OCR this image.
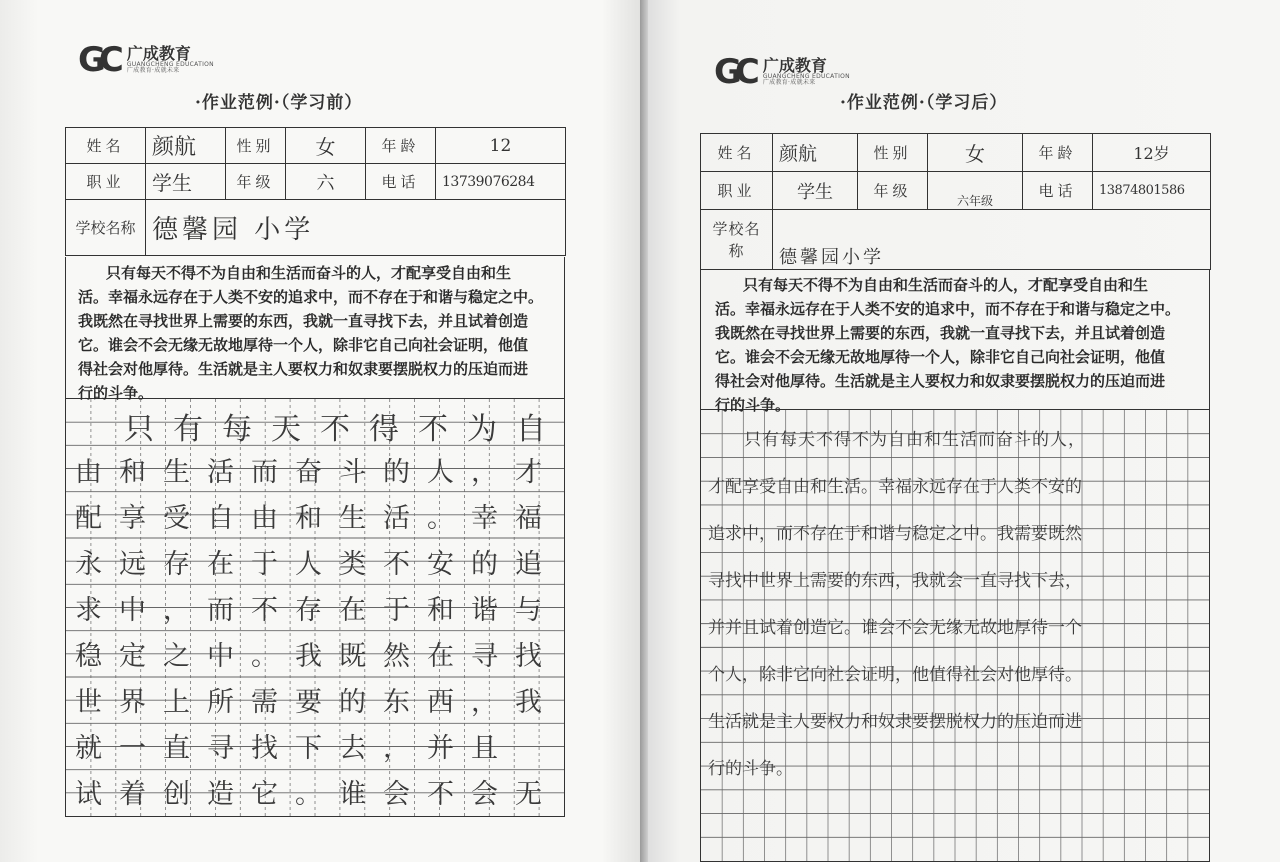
GC 广成教育
GUANGCHENG EDUCATION
广成教育·成就未来
·作业范例·（学习前）
姓名	颜航	性别	女	年龄	12
职业	学生	年级	六	电话	13739076284
学校名称	德馨园 小学				
只有每天不得不为自由和生活而奋斗的人，才配享受自由和生
活。幸福永远存在于人类不安的追求中，而不存在于和谐与稳定之中。
我既然在寻找世界上需要的东西，我就一直寻找下去，并且试着创造
它。谁会不会无缘无故地厚待一个人，除非它自己向社会证明，他值
得社会对他厚待。生活就是主人要权力和奴隶要摆脱权力的压迫而进
行的斗争。
　只有每天不得不为自
由和生活而奋斗的人，才
配享受自由和生活。幸福
永远存在于人类不安的追
求中，而不存在于和谐与
稳定之中。我既然在寻找
世界上所需要的东西，我
就一直寻找下去，并且
试着创造它。谁会不会无
GC 广成教育
GUANGCHENG EDUCATION
广成教育·成就未来
·作业范例·（学习后）
姓名	颜航	性别	女	年龄	12岁
职业	学生	年级	六年级	电话	13874801586
学校名称	德馨园小学				
只有每天不得不为自由和生活而奋斗的人，才配享受自由和生
活。幸福永远存在于人类不安的追求中，而不存在于和谐与稳定之中。
我既然在寻找世界上需要的东西，我就一直寻找下去，并且试着创造
它。谁会不会无缘无故地厚待一个人，除非它自己向社会证明，他值
得社会对他厚待。生活就是主人要权力和奴隶要摆脱权力的压迫而进
行的斗争。
　　只有每天不得不为自由和生活而奋斗的人，
才配享受自由和生活。幸福永远存在于人类不安的
追求中，而不存在于和谐与稳定之中。我需要既然
寻找中世界上需要的东西，我就会一直寻找下去，
并并且试着创造它。谁会不会无缘无故地厚待一个
个人，除非它向社会证明，他值得社会对他厚待。
生活就是主人要权力和奴隶要摆脱权力的压迫而进
行的斗争。
